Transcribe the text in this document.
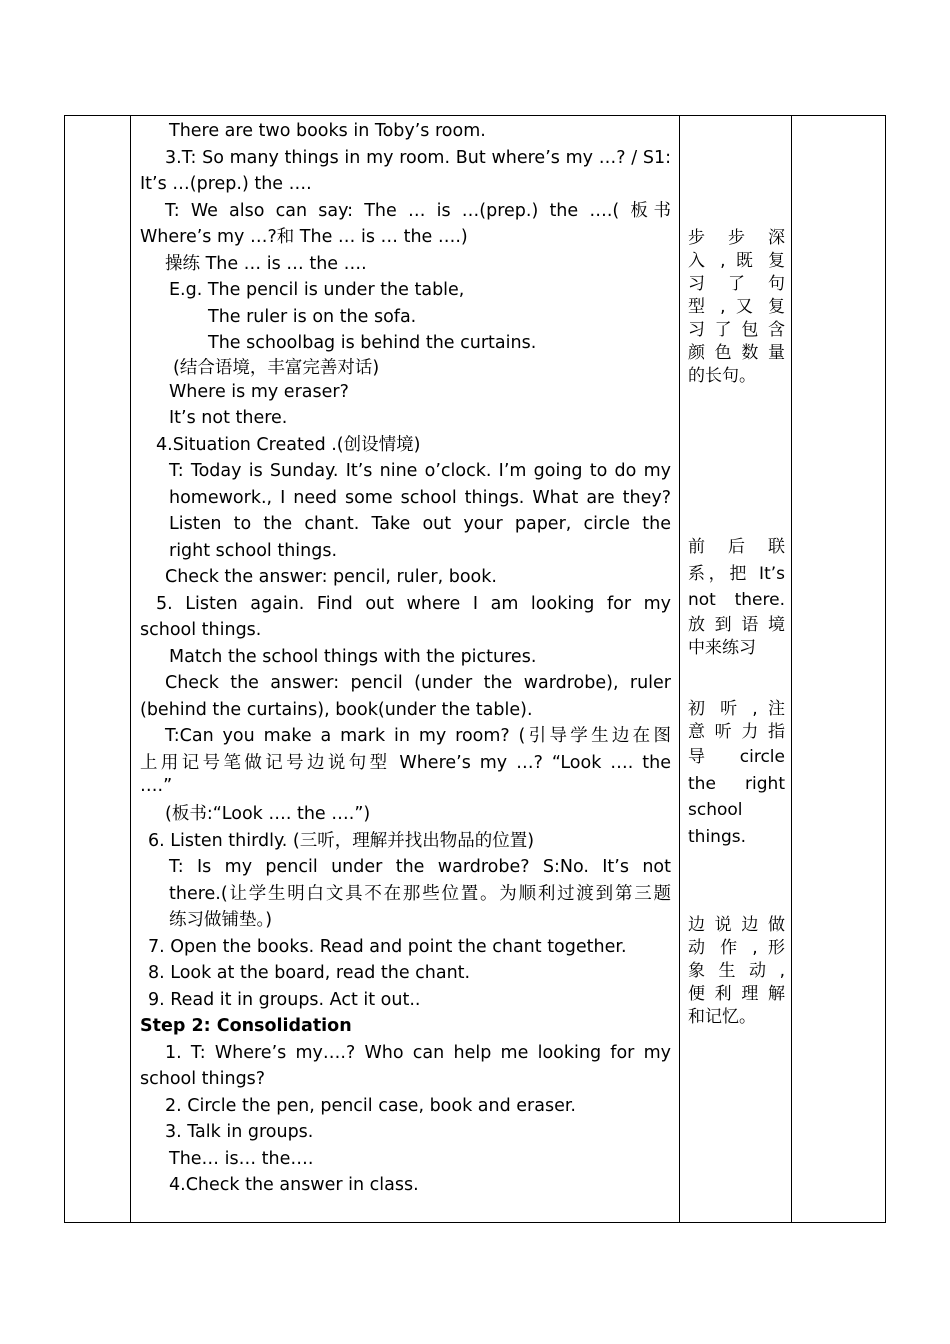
There are two books in Toby’s room.
3.T: So many things in my room. But where’s my …? / S1:
It’s …(prep.) the ….
T: We also can say: The … is …(prep.) the ….( 板书
Where’s my …?和 The … is … the ….)
操练 The … is … the ….
E.g. The pencil is under the table,
The ruler is on the sofa.
The schoolbag is behind the curtains.
(结合语境，丰富完善对话)
Where is my eraser?
It’s not there.
4.Situation Created .(创设情境)
T: Today is Sunday. It’s nine o’clock. I’m going to do my
homework., I need some school things. What are they?
Listen to the chant. Take out your paper, circle the
right school things.
Check the answer: pencil, ruler, book.
5. Listen again. Find out where I am looking for my
school things.
Match the school things with the pictures.
Check the answer: pencil (under the wardrobe), ruler
(behind the curtains), book(under the table).
T:Can you make a mark in my room? (引导学生边在图
上用记号笔做记号边说句型 Where’s my …? “Look …. the
….”
(板书:“Look …. the ….”)
6. Listen thirdly. (三听，理解并找出物品的位置)
T: Is my pencil under the wardrobe? S:No. It’s not
there.(让学生明白文具不在那些位置。为顺利过渡到第三题
练习做铺垫。)
7. Open the books. Read and point the chant together.
8. Look at the board, read the chant.
9. Read it in groups. Act it out..
Step 2: Consolidation
1. T: Where’s my….? Who can help me looking for my
school things?
2. Circle the pen, pencil case, book and eraser.
3. Talk in groups.
The… is… the….
4.Check the answer in class.
步 步 深
入 , 既 复
习 了 句
型 , 又 复
习了包含
颜色数量
的长句。
前 后 联
系，把 It’s
not there.
放到语境
中来练习
初 听 , 注
意听力指
导 circle
the right
school
things.
边说边做
动 作 , 形
象 生 动 ,
便利理解
和记忆。
